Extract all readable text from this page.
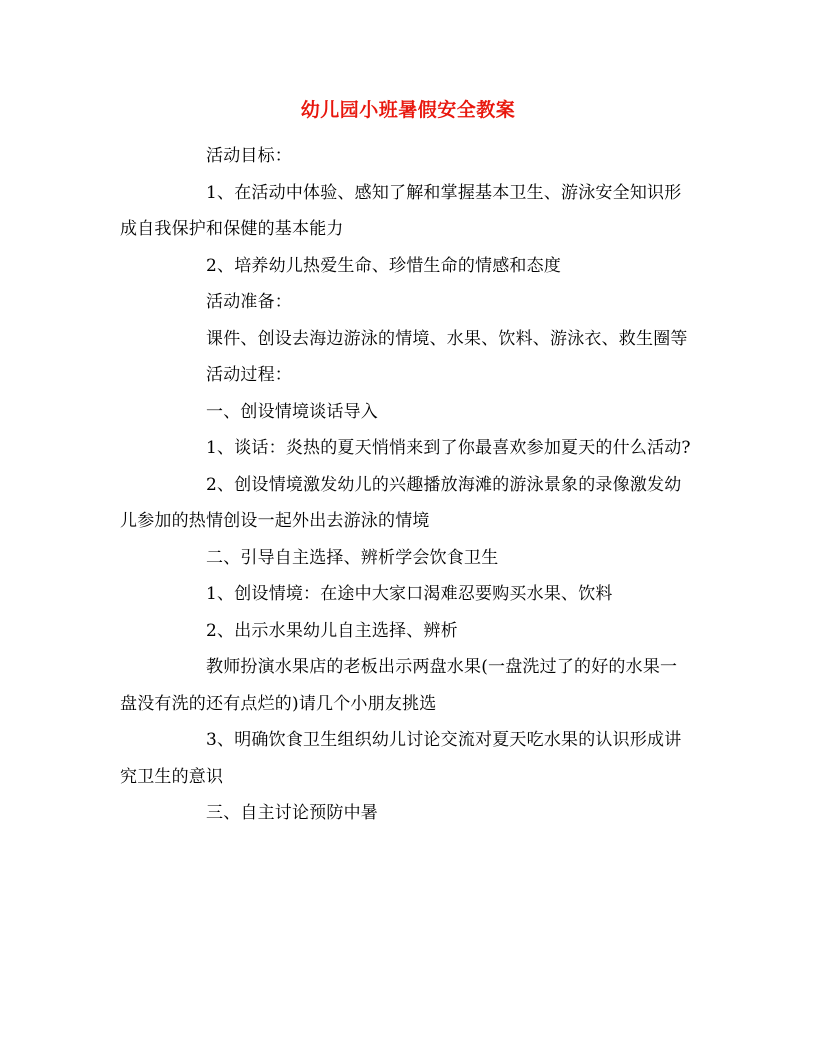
幼儿园小班暑假安全教案

活动目标：

1、在活动中体验、感知了解和掌握基本卫生、游泳安全知识形成自我保护和保健的基本能力

2、培养幼儿热爱生命、珍惜生命的情感和态度

活动准备：

课件、创设去海边游泳的情境、水果、饮料、游泳衣、救生圈等

活动过程：

一、创设情境谈话导入

1、谈话：炎热的夏天悄悄来到了你最喜欢参加夏天的什么活动?

2、创设情境激发幼儿的兴趣播放海滩的游泳景象的录像激发幼儿参加的热情创设一起外出去游泳的情境

二、引导自主选择、辨析学会饮食卫生

1、创设情境：在途中大家口渴难忍要购买水果、饮料

2、出示水果幼儿自主选择、辨析

教师扮演水果店的老板出示两盘水果(一盘洗过了的好的水果一盘没有洗的还有点烂的)请几个小朋友挑选

3、明确饮食卫生组织幼儿讨论交流对夏天吃水果的认识形成讲究卫生的意识

三、自主讨论预防中暑
